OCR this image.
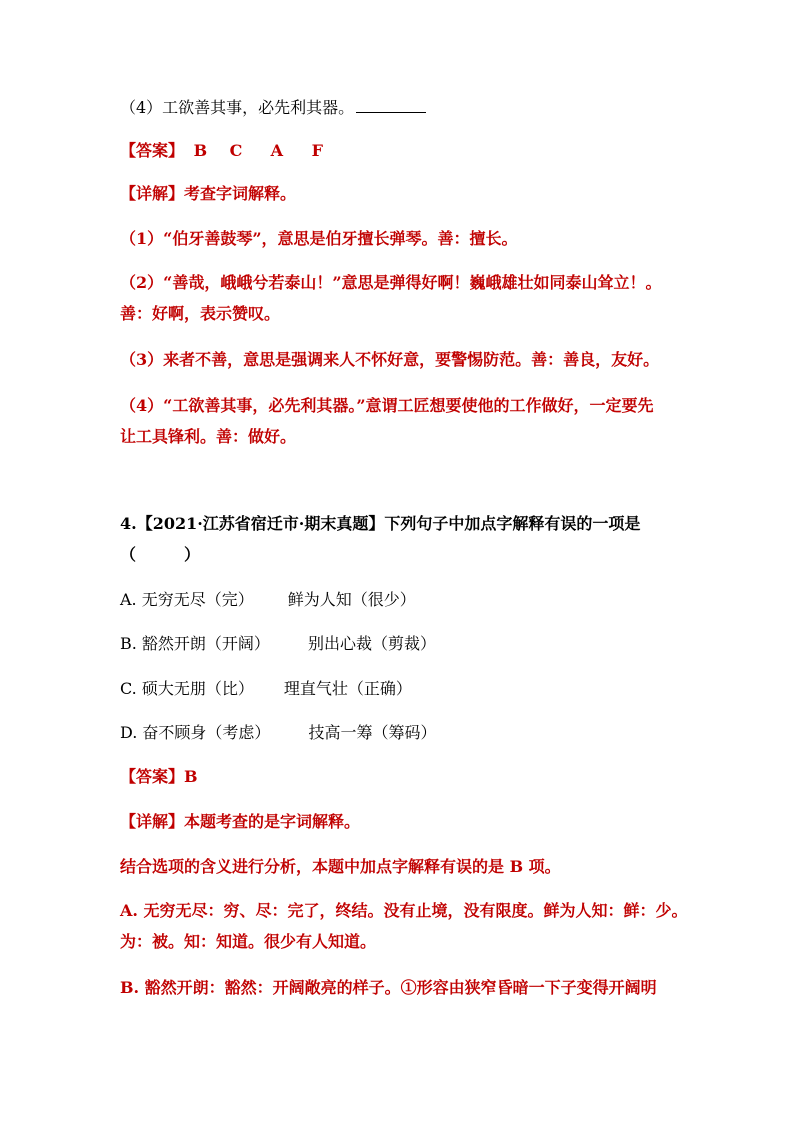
（4）工欲善其事，必先利其器。
【答案】 B C A F
【详解】考查字词解释。
（1）“伯牙善鼓琴”，意思是伯牙擅长弹琴。善：擅长。
（2）“善哉，峨峨兮若泰山！”意思是弹得好啊！巍峨雄壮如同泰山耸立！。
善：好啊，表示赞叹。
（3）来者不善，意思是强调来人不怀好意，要警惕防范。善：善良，友好。
（4）“工欲善其事，必先利其器。”意谓工匠想要使他的工作做好，一定要先
让工具锋利。善：做好。
4.【2021·江苏省宿迁市·期末真题】下列句子中加点字解释有误的一项是
（　　　）
A. 无穷无尽（完） 鲜为人知（很少）
B. 豁然开朗（开阔） 别出心裁（剪裁）
C. 硕大无朋（比） 理直气壮（正确）
D. 奋不顾身（考虑） 技高一筹（筹码）
【答案】B
【详解】本题考查的是字词解释。
结合选项的含义进行分析，本题中加点字解释有误的是 B 项。
A. 无穷无尽：穷、尽：完了，终结。没有止境，没有限度。鲜为人知：鲜：少。
为：被。知：知道。很少有人知道。
B. 豁然开朗：豁然：开阔敞亮的样子。①形容由狭窄昏暗一下子变得开阔明
